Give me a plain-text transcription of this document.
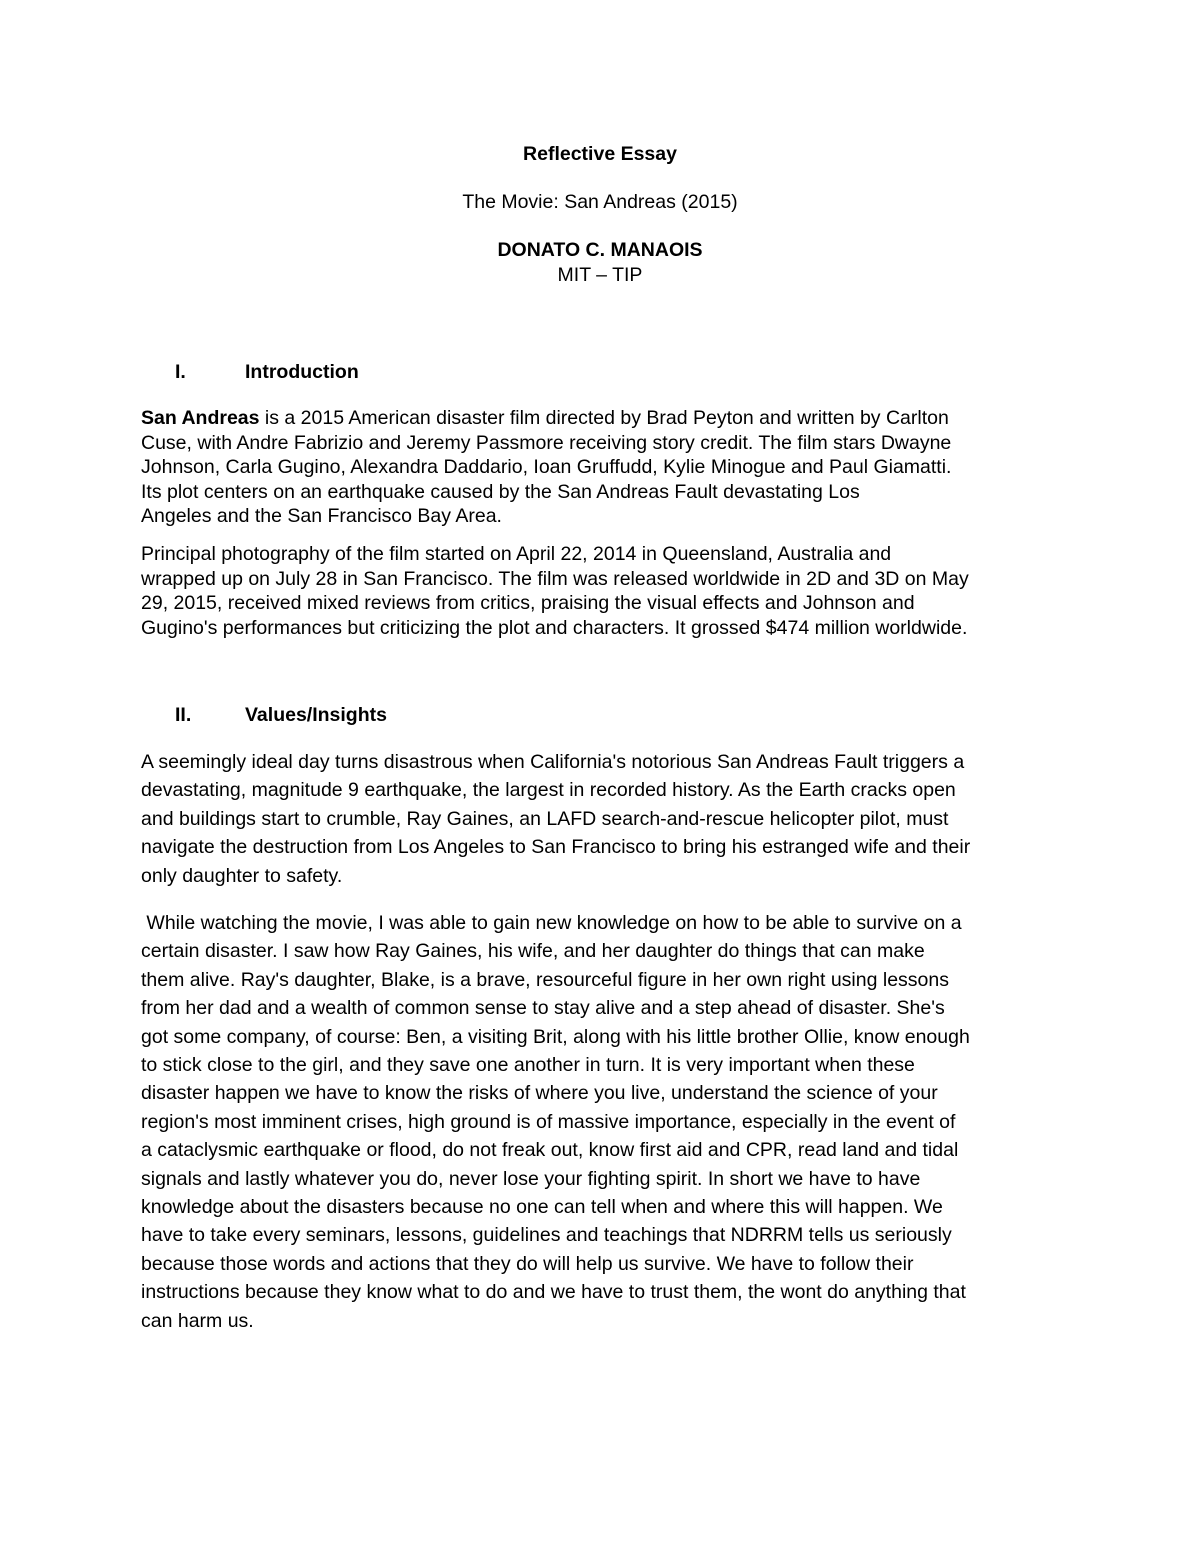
Reflective Essay
The Movie: San Andreas (2015)
DONATO C. MANAOIS
MIT – TIP
I.	Introduction
San Andreas is a 2015 American disaster film directed by Brad Peyton and written by Carlton
Cuse, with Andre Fabrizio and Jeremy Passmore receiving story credit. The film stars Dwayne
Johnson, Carla Gugino, Alexandra Daddario, Ioan Gruffudd, Kylie Minogue and Paul Giamatti.
Its plot centers on an earthquake caused by the San Andreas Fault devastating Los
Angeles and the San Francisco Bay Area.
Principal photography of the film started on April 22, 2014 in Queensland, Australia and
wrapped up on July 28 in San Francisco. The film was released worldwide in 2D and 3D on May
29, 2015, received mixed reviews from critics, praising the visual effects and Johnson and
Gugino's performances but criticizing the plot and characters. It grossed $474 million worldwide.
II.	Values/Insights
A seemingly ideal day turns disastrous when California's notorious San Andreas Fault triggers a
devastating, magnitude 9 earthquake, the largest in recorded history. As the Earth cracks open
and buildings start to crumble, Ray Gaines, an LAFD search-and-rescue helicopter pilot, must
navigate the destruction from Los Angeles to San Francisco to bring his estranged wife and their
only daughter to safety.
While watching the movie, I was able to gain new knowledge on how to be able to survive on a
certain disaster. I saw how Ray Gaines, his wife, and her daughter do things that can make
them alive. Ray's daughter, Blake, is a brave, resourceful figure in her own right using lessons
from her dad and a wealth of common sense to stay alive and a step ahead of disaster. She's
got some company, of course: Ben, a visiting Brit, along with his little brother Ollie, know enough
to stick close to the girl, and they save one another in turn. It is very important when these
disaster happen we have to know the risks of where you live, understand the science of your
region's most imminent crises, high ground is of massive importance, especially in the event of
a cataclysmic earthquake or flood, do not freak out, know first aid and CPR, read land and tidal
signals and lastly whatever you do, never lose your fighting spirit. In short we have to have
knowledge about the disasters because no one can tell when and where this will happen. We
have to take every seminars, lessons, guidelines and teachings that NDRRM tells us seriously
because those words and actions that they do will help us survive. We have to follow their
instructions because they know what to do and we have to trust them, the wont do anything that
can harm us.
